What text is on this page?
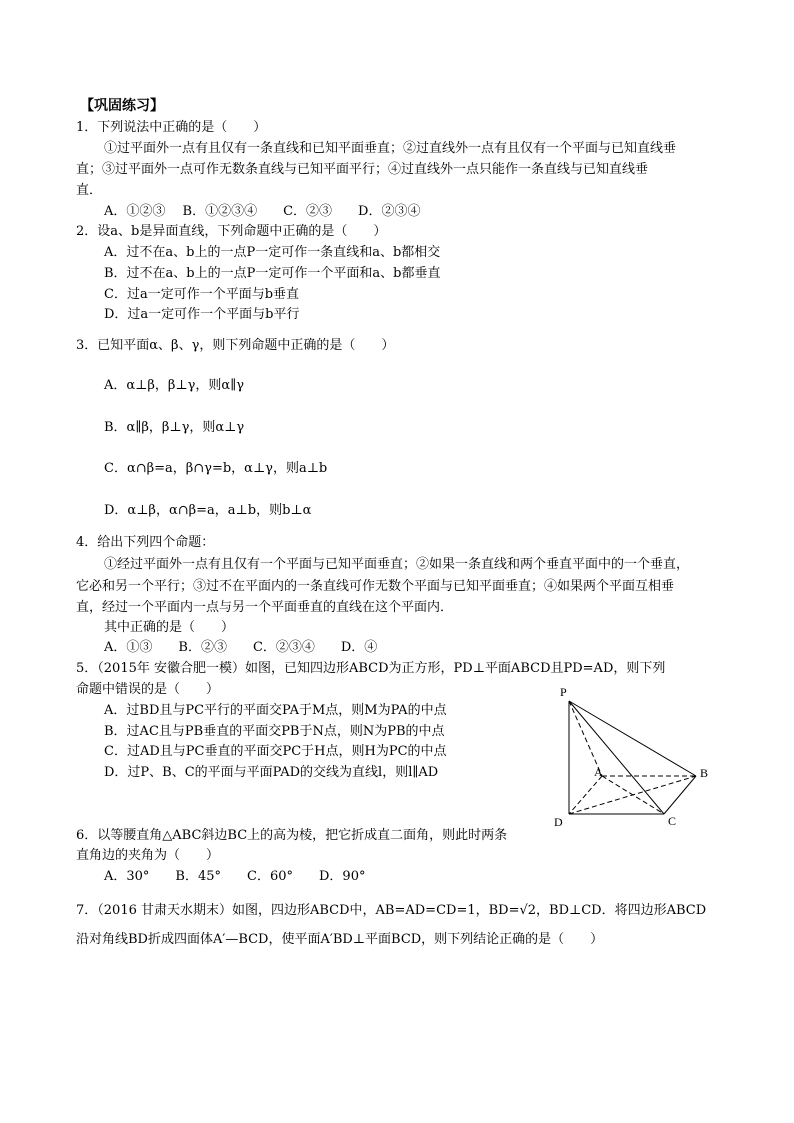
【巩固练习】
1．下列说法中正确的是（　　）
①过平面外一点有且仅有一条直线和已知平面垂直；②过直线外一点有且仅有一个平面与已知直线垂
直；③过平面外一点可作无数条直线与已知平面平行；④过直线外一点只能作一条直线与已知直线垂
直．
A．①②③　 B．①②③④　　C．②③　　D．②③④
2．设a、b是异面直线，下列命题中正确的是（　　）
A．过不在a、b上的一点P一定可作一条直线和a、b都相交
B．过不在a、b上的一点P一定可作一个平面和a、b都垂直
C．过a一定可作一个平面与b垂直
D．过a一定可作一个平面与b平行
3．已知平面α、β、γ，则下列命题中正确的是（　　）
A．α⊥β，β⊥γ，则α∥γ
B．α∥β，β⊥γ，则α⊥γ
C．α∩β=a，β∩γ=b，α⊥γ，则a⊥b
D．α⊥β，α∩β=a，a⊥b，则b⊥α
4．给出下列四个命题：
①经过平面外一点有且仅有一个平面与已知平面垂直；②如果一条直线和两个垂直平面中的一个垂直，
它必和另一个平行；③过不在平面内的一条直线可作无数个平面与已知平面垂直；④如果两个平面互相垂
直，经过一个平面内一点与另一个平面垂直的直线在这个平面内．
其中正确的是（　　）
A．①③　　B．②③　　C．②③④　　D．④
5．（2015年 安徽合肥一模）如图，已知四边形ABCD为正方形，PD⊥平面ABCD且PD=AD，则下列
命题中错误的是（　　）
A．过BD且与PC平行的平面交PA于M点，则M为PA的中点
B．过AC且与PB垂直的平面交PB于N点，则N为PB的中点
C．过AD且与PC垂直的平面交PC于H点，则H为PC的中点
D．过P、B、C的平面与平面PAD的交线为直线l，则l∥AD
P
A	B
C
D
6．以等腰直角△ABC斜边BC上的高为棱，把它折成直二面角，则此时两条
直角边的夹角为（　　）
A．30°　　B．45°　　C．60°　　D．90°
7．（2016 甘肃天水期末）如图，四边形ABCD中，AB=AD=CD=1，BD=√2，BD⊥CD．将四边形ABCD
沿对角线BD折成四面体A′—BCD，使平面A′BD⊥平面BCD，则下列结论正确的是（　　）
